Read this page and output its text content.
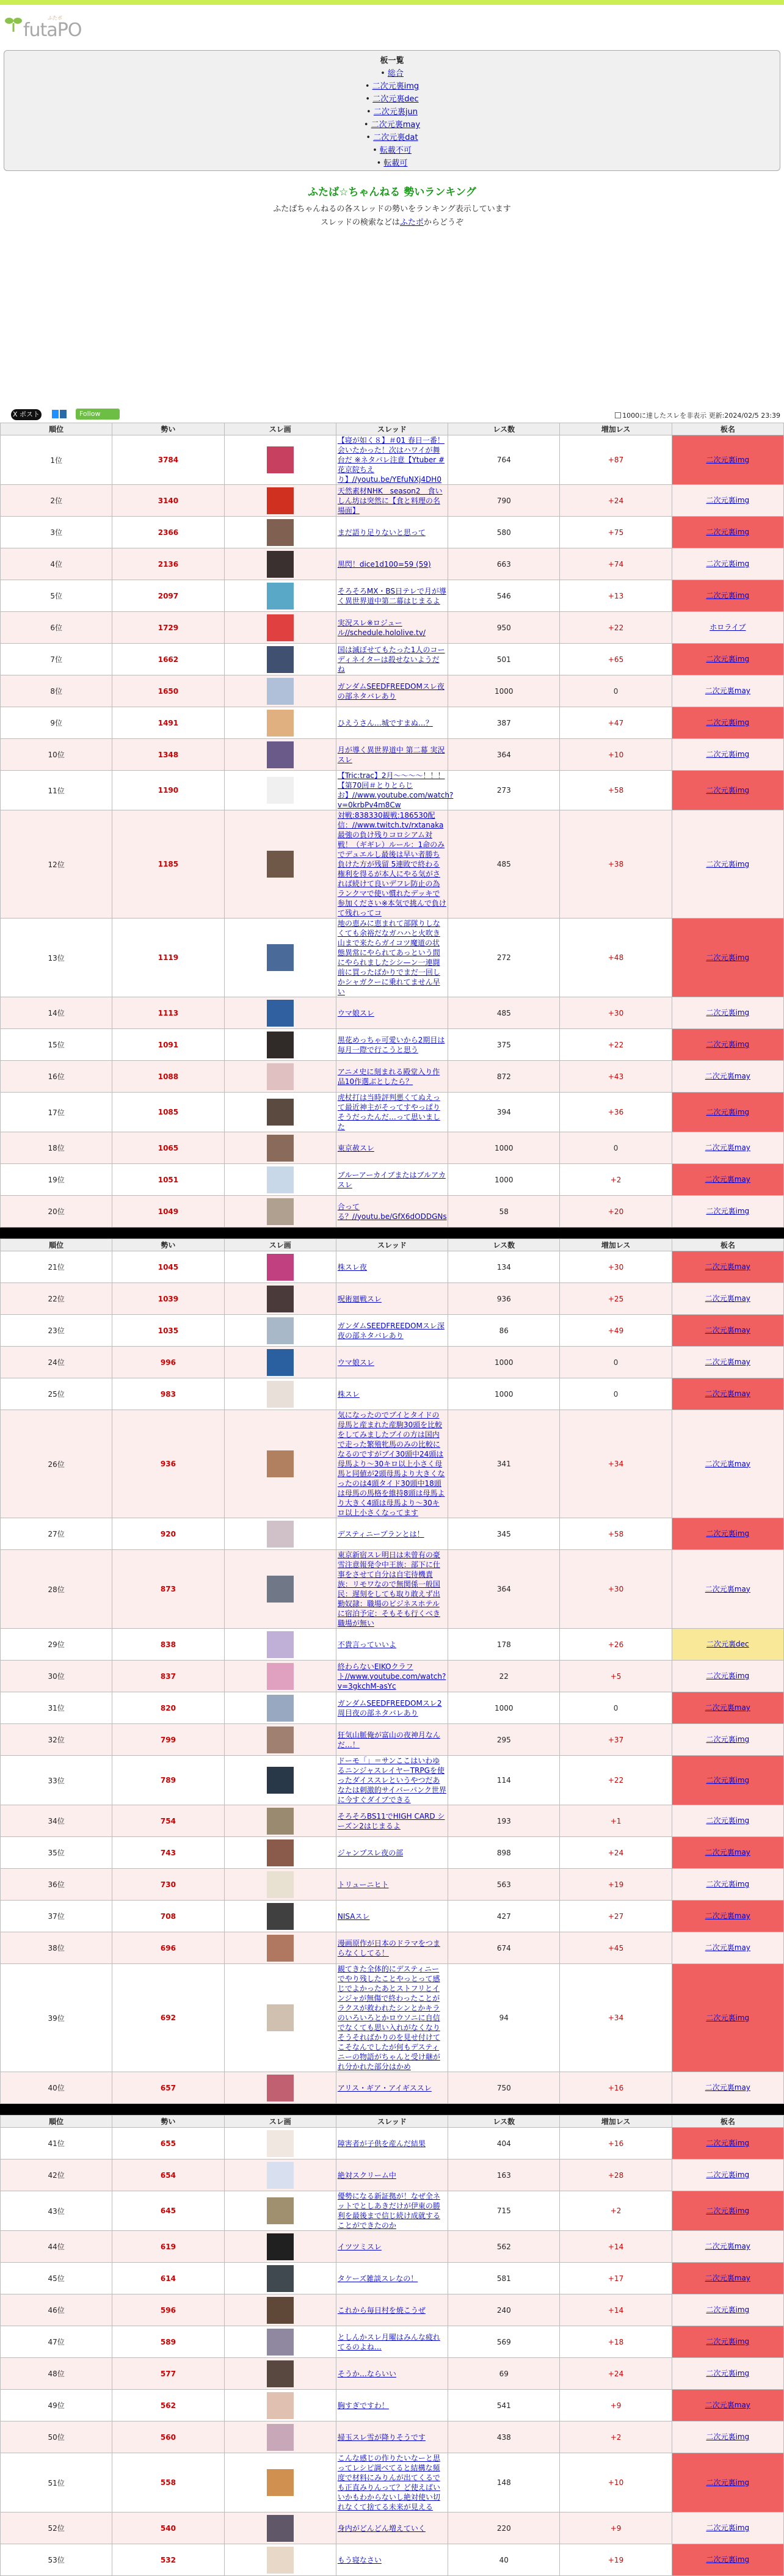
ふたポ
futaPO
板一覧
• 総合
• 二次元裏img
• 二次元裏dec
• 二次元裏jun
• 二次元裏may
• 二次元裏dat
• 転載不可
• 転載可
ふたば☆ちゃんねる 勢いランキング

ふたばちゃんねるの各スレッドの勢いをランキング表示しています

スレッドの検索などはふたポからどうぞ

X ポスト	Follow	1000に達したスレを非表示 更新:2024/02/5 23:39
順位	勢い	スレ画	スレッド	レス数	増加レス	板名
1位	3784		【寝が如く８】＃01 春日一番！会いたかった！次はハワイが舞台だ ※ネタバレ注意【Ytuber #花京院ちえり】//youtu.be/YEfuNXj4DH0	764	+87	二次元裏img
2位	3140		天然素材NHK　season2　食いしん坊は突然に【食と料理の名場面】	790	+24	二次元裏img
3位	2366		まだ語り足りないと思って	580	+75	二次元裏img
4位	2136		黒閃！dice1d100=59 (59)	663	+74	二次元裏img
5位	2097		そろそろMX・BS日テレで月が導く異世界道中第二幕はじまるよ	546	+13	二次元裏img
6位	1729		実況スレ※ロジュール//schedule.hololive.tv/	950	+22	ホロライブ
7位	1662		国は滅ぼせてもたった1人のコーディネイターは殺せないようだね	501	+65	二次元裏img
8位	1650		ガンダムSEEDFREEDOMスレ夜の部ネタバレあり	1000	0	二次元裏may
9位	1491		ひえうさん…城ですまぬ…？	387	+47	二次元裏img
10位	1348		月が導く異世界道中 第二幕 実況スレ	364	+10	二次元裏img
11位	1190		【Tric:trac】2月～～～～！！！【第70回＃とりとらじお】//www.youtube.com/watch?v=0krbPv4m8Cw	273	+58	二次元裏img
12位	1185		対戦:838330観戦:186530配信：//www.twitch.tv/rxtanaka最強の負け残りコロシアム対戦！（ギギレ）ルール：1命のみでデュエルし最後は早い者勝ち 負けた方が残留 5連敗で終わる権利を得るが本人にやる気がされば続けて良いデフレ防止の為ランクマで使い慣れたデッキで参加ください※本気で挑んで負けて残れってコ	485	+38	二次元裏img
13位	1119		地の恵みに恵まれて部隊りしなくても余裕だなガハハと火吹き山まで来たらガイコツ魔道の状態異常にやられてあっという間にやられましたシシ—ン一連闘前に買ったばかりでまだ一回しかシャガクーに乗れてません早い	272	+48	二次元裏img
14位	1113		ウマ娘スレ	485	+30	二次元裏img
15位	1091		黒花めっちゃ可愛いから2期目は毎月一際で行こうと思う	375	+22	二次元裏img
16位	1088		アニメ史に刻まれる殿堂入り作品10作選ぶとしたら？	872	+43	二次元裏may
17位	1085		虎杖打は当時評判悪くてぬえって最近神主がそってすやっぱりそうだったんだ…って思いました	394	+36	二次元裏img
18位	1065		東京赦スレ	1000	0	二次元裏may
19位	1051		ブルーアーカイブまたはブルアカスレ	1000	+2	二次元裏may
20位	1049		合ってる？//youtu.be/GfX6dODDGNs	58	+20	二次元裏img
順位	勢い	スレ画	スレッド	レス数	増加レス	板名
21位	1045		株スレ夜	134	+30	二次元裏may
22位	1039		呪術廻戦スレ	936	+25	二次元裏may
23位	1035		ガンダムSEEDFREEDOMスレ深夜の部ネタバレあり	86	+49	二次元裏may
24位	996		ウマ娘スレ	1000	0	二次元裏may
25位	983		株スレ	1000	0	二次元裏may
26位	936		気になったのでブイとタイドの母馬と産まれた産駒30頭を比較をしてみましたブイの方は国内で走った繁殖牝馬のみの比較になるのですがブイ30頭中24頭は母馬より～30キロ以上小さく母馬と同値が2頭母馬より大きくなったのは4頭タイド30頭中18頭は母馬の馬格を維持8頭は母馬より大きく4頭は母馬より～30キロ以上小さくなってます	341	+34	二次元裏may
27位	920		デスティニープランとは！	345	+58	二次元裏img
28位	873		東京新宿スレ明日は未曾有の豪雪注意報発令中王族：部下に仕事をさせて自分は自宅待機責族：リモワなので無関係一般国民：遅刻をしても取り敢えず出勤奴隷：職場のビジネスホテルに宿泊予定：そもそも行くべき職場が無い	364	+30	二次元裏may
29位	838		不貴言っていいよ	178	+26	二次元裏dec
30位	837		終わらないEIKOクラフト//www.youtube.com/watch?v=3gkchM-asYc	22	+5	二次元裏img
31位	820		ガンダムSEEDFREEDOMスレ2周目夜の部ネタバレあり	1000	0	二次元裏may
32位	799		狂気山脈俺が富山の夜神月なんだ…！	295	+37	二次元裏img
33位	789		ドーモ「」＝サンここはいわゆるニンジャスレイヤーTRPGを使ったダイススレというやつだあなたは刺激的サイバーパンク世界に今すぐダイブできる	114	+22	二次元裏img
34位	754		そろそろBS11でHIGH CARD シーズン2はじまるよ	193	+1	二次元裏img
35位	743		ジャンプスレ夜の部	898	+24	二次元裏may
36位	730		トリューニヒト	563	+19	二次元裏img
37位	708		NISAスレ	427	+27	二次元裏may
38位	696		漫画原作が日本のドラマをつまらなくしてる！	674	+45	二次元裏may
39位	692		観てきた全体的にデスティニーでやり残したことやっとって感じでよかったあとストフリとインジャが無傷で終わったことがラクスが救われたシンとかキラのいろいろとかロウソニに自信でなくても思い入れがなくなりそうそればかりのを見せ付けてこそなんでしたが何もデスティニーの物語がちゃんと受け継がれ分かれた部分はかめ	94	+34	二次元裏img
40位	657		アリス・ギア・アイギススレ	750	+16	二次元裏may
順位	勢い	スレ画	スレッド	レス数	増加レス	板名
41位	655		障害者が子供を産んだ結果	404	+16	二次元裏img
42位	654		絶対スクリーム中	163	+28	二次元裏img
43位	645		優勢になる新証拠が！なぜ全ネットでとしあきだけが伊東の勝利を最後まで信じ続け成就することができたのか	715	+2	二次元裏img
44位	619		イツツミスレ	562	+14	二次元裏may
45位	614		タケーズ雑談スレなの！	581	+17	二次元裏may
46位	596		これから毎日村を焼こうぜ	240	+14	二次元裏img
47位	589		としんかスレ月曜はみんな疲れてるのよね…	569	+18	二次元裏img
48位	577		そうか…ならいい	69	+24	二次元裏img
49位	562		胸すぎですわ！	541	+9	二次元裏may
50位	560		掃玉スレ雪が降りそうです	438	+2	二次元裏img
51位	558		こんな感じの作りたいなーと思ってレシピ調べてると結構な頻度で材料にみりんが出てくるでも正直みりんって？ど使えばいいかもわからないし絶対使い切れなくて捨てる未来が見える	148	+10	二次元裏img
52位	540		身内がどんどん増えていく	220	+9	二次元裏img
53位	532		もう寝なさい	40	+19	二次元裏img
